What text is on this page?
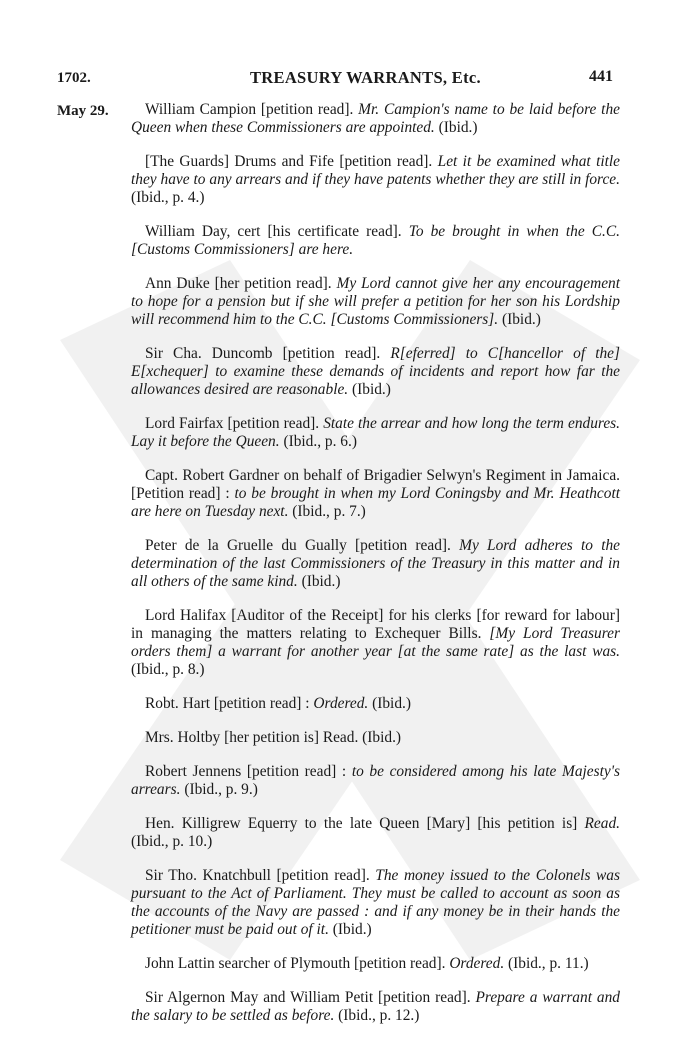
1702.	TREASURY WARRANTS, Etc.	441
May 29.	William Campion [petition read]. Mr. Campion's name to be laid before the Queen when these Commissioners are appointed. (Ibid.)

[The Guards] Drums and Fife [petition read]. Let it be examined what title they have to any arrears and if they have patents whether they are still in force. (Ibid., p. 4.)

William Day, cert [his certificate read]. To be brought in when the C.C. [Customs Commissioners] are here.

Ann Duke [her petition read]. My Lord cannot give her any encouragement to hope for a pension but if she will prefer a petition for her son his Lordship will recommend him to the C.C. [Customs Commissioners]. (Ibid.)

Sir Cha. Duncomb [petition read]. R[eferred] to C[hancellor of the] E[xchequer] to examine these demands of incidents and report how far the allowances desired are reasonable. (Ibid.)

Lord Fairfax [petition read]. State the arrear and how long the term endures. Lay it before the Queen. (Ibid., p. 6.)

Capt. Robert Gardner on behalf of Brigadier Selwyn's Regiment in Jamaica. [Petition read] : to be brought in when my Lord Coningsby and Mr. Heathcott are here on Tuesday next. (Ibid., p. 7.)

Peter de la Gruelle du Gually [petition read]. My Lord adheres to the determination of the last Commissioners of the Treasury in this matter and in all others of the same kind. (Ibid.)

Lord Halifax [Auditor of the Receipt] for his clerks [for reward for labour] in managing the matters relating to Exchequer Bills. [My Lord Treasurer orders them] a warrant for another year [at the same rate] as the last was. (Ibid., p. 8.)

Robt. Hart [petition read] : Ordered. (Ibid.)

Mrs. Holtby [her petition is] Read. (Ibid.)

Robert Jennens [petition read] : to be considered among his late Majesty's arrears. (Ibid., p. 9.)

Hen. Killigrew Equerry to the late Queen [Mary] [his petition is] Read. (Ibid., p. 10.)

Sir Tho. Knatchbull [petition read]. The money issued to the Colonels was pursuant to the Act of Parliament. They must be called to account as soon as the accounts of the Navy are passed : and if any money be in their hands the petitioner must be paid out of it. (Ibid.)

John Lattin searcher of Plymouth [petition read]. Ordered. (Ibid., p. 11.)

Sir Algernon May and William Petit [petition read]. Prepare a warrant and the salary to be settled as before. (Ibid., p. 12.)
